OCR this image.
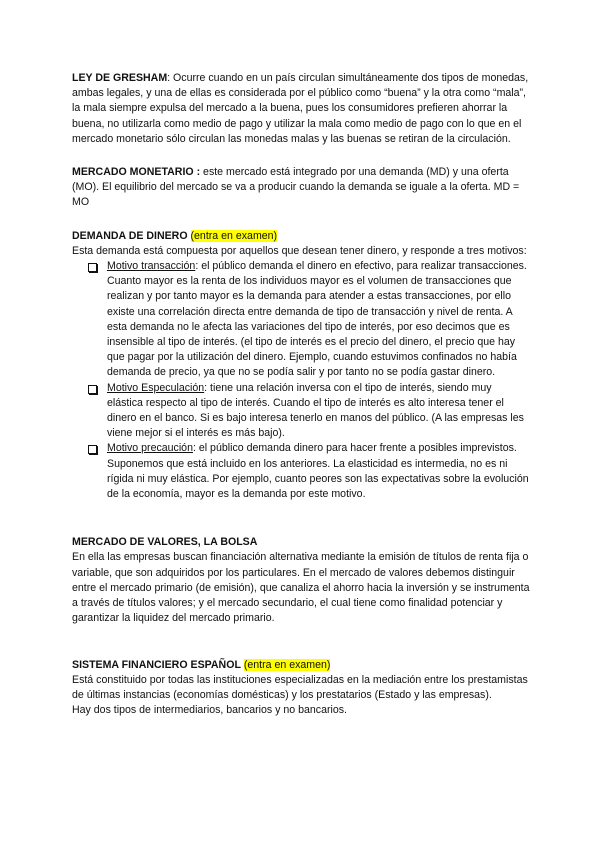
LEY DE GRESHAM: Ocurre cuando en un país circulan simultáneamente dos tipos de monedas, ambas legales, y una de ellas es considerada por el público como “buena” y la otra como “mala”, la mala siempre expulsa del mercado a la buena, pues los consumidores prefieren ahorrar la buena, no utilizarla como medio de pago y utilizar la mala como medio de pago con lo que en el mercado monetario sólo circulan las monedas malas y las buenas se retiran de la circulación.

MERCADO MONETARIO : este mercado está integrado por una demanda (MD) y una oferta (MO). El equilibrio del mercado se va a producir cuando la demanda se iguale a la oferta. MD = MO

DEMANDA DE DINERO (entra en examen)

Esta demanda está compuesta por aquellos que desean tener dinero, y responde a tres motivos:

Motivo transacción: el público demanda el dinero en efectivo, para realizar transacciones. Cuanto mayor es la renta de los individuos mayor es el volumen de transacciones que realizan y por tanto mayor es la demanda para atender a estas transacciones, por ello existe una correlación directa entre demanda de tipo de transacción y nivel de renta. A esta demanda no le afecta las variaciones del tipo de interés, por eso decimos que es insensible al tipo de interés. (el tipo de interés es el precio del dinero, el precio que hay que pagar por la utilización del dinero. Ejemplo, cuando estuvimos confinados no había demanda de precio, ya que no se podía salir y por tanto no se podía gastar dinero.
Motivo Especulación: tiene una relación inversa con el tipo de interés, siendo muy elástica respecto al tipo de interés. Cuando el tipo de interés es alto interesa tener el dinero en el banco. Si es bajo interesa tenerlo en manos del público. (A las empresas les viene mejor si el interés es más bajo).
Motivo precaución: el público demanda dinero para hacer frente a posibles imprevistos. Suponemos que está incluido en los anteriores. La elasticidad es intermedia, no es ni rígida ni muy elástica. Por ejemplo, cuanto peores son las expectativas sobre la evolución de la economía, mayor es la demanda por este motivo.

MERCADO DE VALORES, LA BOLSA

En ella las empresas buscan financiación alternativa mediante la emisión de títulos de renta fija o variable, que son adquiridos por los particulares. En el mercado de valores debemos distinguir entre el mercado primario (de emisión), que canaliza el ahorro hacia la inversión y se instrumenta a través de títulos valores; y el mercado secundario, el cual tiene como finalidad potenciar y garantizar la liquidez del mercado primario.

SISTEMA FINANCIERO ESPAÑOL (entra en examen)

Está constituido por todas las instituciones especializadas en la mediación entre los prestamistas de últimas instancias (economías domésticas) y los prestatarios (Estado y las empresas).

Hay dos tipos de intermediarios, bancarios y no bancarios.
